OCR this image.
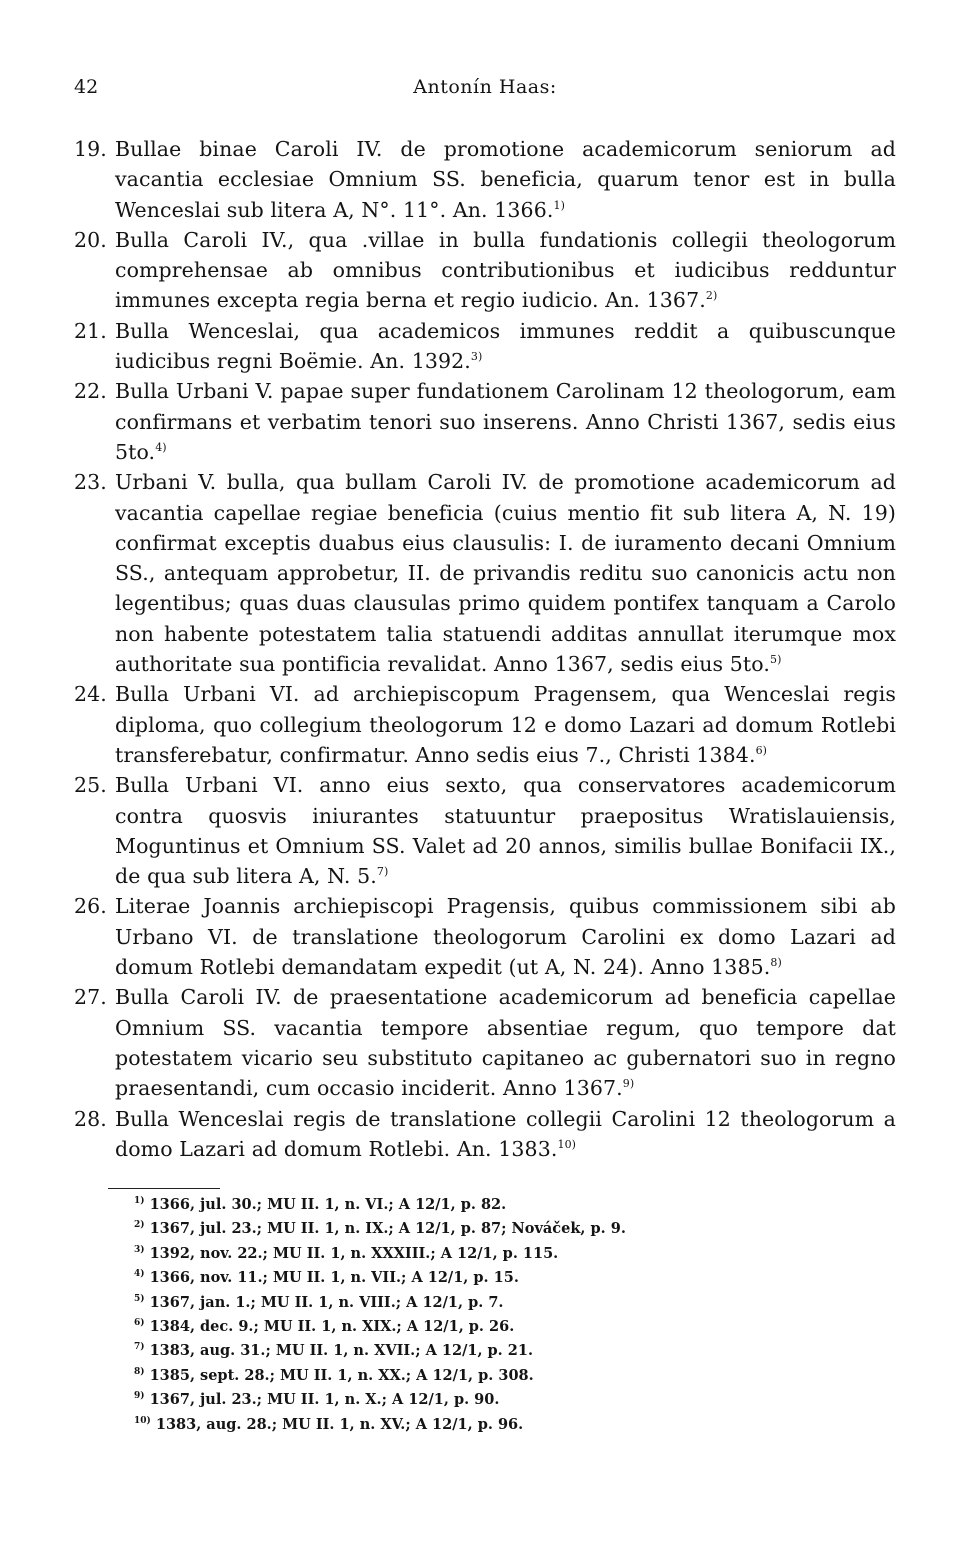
42	Antonín Haas:
19. Bullae binae Caroli IV. de promotione academicorum seniorum ad vacantia ecclesiae Omnium SS. beneficia, quarum tenor est in bulla Wenceslai sub litera A, N°. 11°. An. 1366.$^{1)}$
20. Bulla Caroli IV., qua .villae in bulla fundationis collegii theologorum comprehensae ab omnibus contributionibus et iudicibus redduntur immunes excepta regia berna et regio iudicio. An. 1367.$^{2)}$
21. Bulla Wenceslai, qua academicos immunes reddit a quibuscunque iudicibus regni Boëmie. An. 1392.$^{3)}$
22. Bulla Urbani V. papae super fundationem Carolinam 12 theologorum, eam confirmans et verbatim tenori suo inserens. Anno Christi 1367, sedis eius 5to.$^{4)}$
23. Urbani V. bulla, qua bullam Caroli IV. de promotione academicorum ad vacantia capellae regiae beneficia (cuius mentio fit sub litera A, N. 19) confirmat exceptis duabus eius clausulis: I. de iuramento decani Omnium SS., antequam approbetur, II. de privandis reditu suo canonicis actu non legentibus; quas duas clausulas primo quidem pontifex tanquam a Carolo non habente potestatem talia statuendi additas annullat iterumque mox authoritate sua pontificia revalidat. Anno 1367, sedis eius 5to.$^{5)}$
24. Bulla Urbani VI. ad archiepiscopum Pragensem, qua Wenceslai regis diploma, quo collegium theologorum 12 e domo Lazari ad domum Rotlebi transferebatur, confirmatur. Anno sedis eius 7., Christi 1384.$^{6)}$
25. Bulla Urbani VI. anno eius sexto, qua conservatores academicorum contra quosvis iniurantes statuuntur praepositus Wratislauiensis, Moguntinus et Omnium SS. Valet ad 20 annos, similis bullae Bonifacii IX., de qua sub litera A, N. 5.$^{7)}$
26. Literae Joannis archiepiscopi Pragensis, quibus commissionem sibi ab Urbano VI. de translatione theologorum Carolini ex domo Lazari ad domum Rotlebi demandatam expedit (ut A, N. 24). Anno 1385.$^{8)}$
27. Bulla Caroli IV. de praesentatione academicorum ad beneficia capellae Omnium SS. vacantia tempore absentiae regum, quo tempore dat potestatem vicario seu substituto capitaneo ac gubernatori suo in regno praesentandi, cum occasio inciderit. Anno 1367.$^{9)}$
28. Bulla Wenceslai regis de translatione collegii Carolini 12 theologorum a domo Lazari ad domum Rotlebi. An. 1383.$^{10)}$
$^{1)}$ 1366, jul. 30.; MU II. 1, n. VI.; A 12/1, p. 82.
$^{2)}$ 1367, jul. 23.; MU II. 1, n. IX.; A 12/1, p. 87; Nováček, p. 9.
$^{3)}$ 1392, nov. 22.; MU II. 1, n. XXXIII.; A 12/1, p. 115.
$^{4)}$ 1366, nov. 11.; MU II. 1, n. VII.; A 12/1, p. 15.
$^{5)}$ 1367, jan. 1.; MU II. 1, n. VIII.; A 12/1, p. 7.
$^{6)}$ 1384, dec. 9.; MU II. 1, n. XIX.; A 12/1, p. 26.
$^{7)}$ 1383, aug. 31.; MU II. 1, n. XVII.; A 12/1, p. 21.
$^{8)}$ 1385, sept. 28.; MU II. 1, n. XX.; A 12/1, p. 308.
$^{9)}$ 1367, jul. 23.; MU II. 1, n. X.; A 12/1, p. 90.
$^{10)}$ 1383, aug. 28.; MU II. 1, n. XV.; A 12/1, p. 96.
